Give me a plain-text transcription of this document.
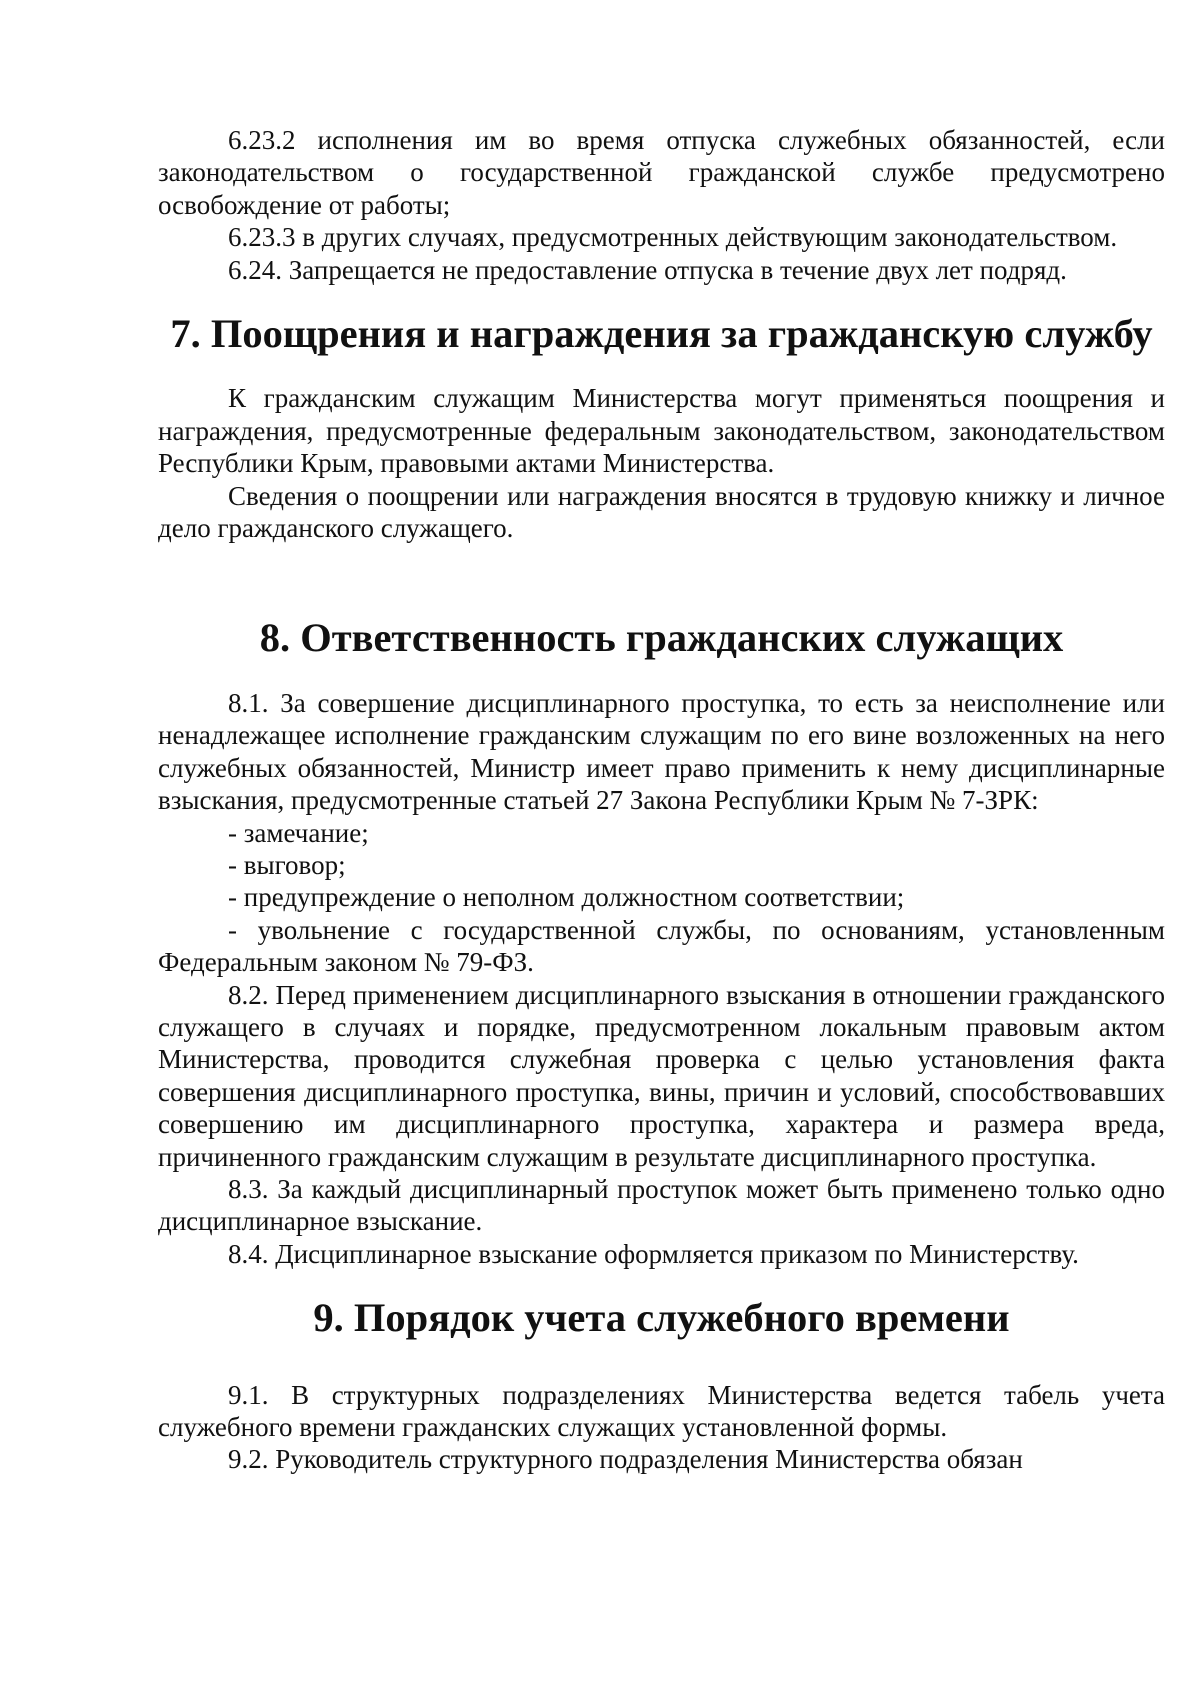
6.23.2 исполнения им во время отпуска служебных обязанностей, если законодательством о государственной гражданской службе предусмотрено освобождение от работы;

6.23.3 в других случаях, предусмотренных действующим законодательством.

6.24. Запрещается не предоставление отпуска в течение двух лет подряд.

7. Поощрения и награждения за гражданскую службу

К гражданским служащим Министерства могут применяться поощрения и награждения, предусмотренные федеральным законодательством, законодательством Республики Крым, правовыми актами Министерства.

Сведения о поощрении или награждения вносятся в трудовую книжку и личное дело гражданского служащего.

8. Ответственность гражданских служащих

8.1. За совершение дисциплинарного проступка, то есть за неисполнение или ненадлежащее исполнение гражданским служащим по его вине возложенных на него служебных обязанностей, Министр имеет право применить к нему дисциплинарные взыскания, предусмотренные статьей 27 Закона Республики Крым № 7-ЗРК:

- замечание;

- выговор;

- предупреждение о неполном должностном соответствии;

- увольнение с государственной службы, по основаниям, установленным Федеральным законом № 79-ФЗ.

8.2. Перед применением дисциплинарного взыскания в отношении гражданского служащего в случаях и порядке, предусмотренном локальным правовым актом Министерства, проводится служебная проверка с целью установления факта совершения дисциплинарного проступка, вины, причин и условий, способствовавших совершению им дисциплинарного проступка, характера и размера вреда, причиненного гражданским служащим в результате дисциплинарного проступка.

8.3. За каждый дисциплинарный проступок может быть применено только одно дисциплинарное взыскание.

8.4. Дисциплинарное взыскание оформляется приказом по Министерству.

9. Порядок учета служебного времени

9.1. В структурных подразделениях Министерства ведется табель учета служебного времени гражданских служащих установленной формы.

9.2. Руководитель структурного подразделения Министерства обязан
